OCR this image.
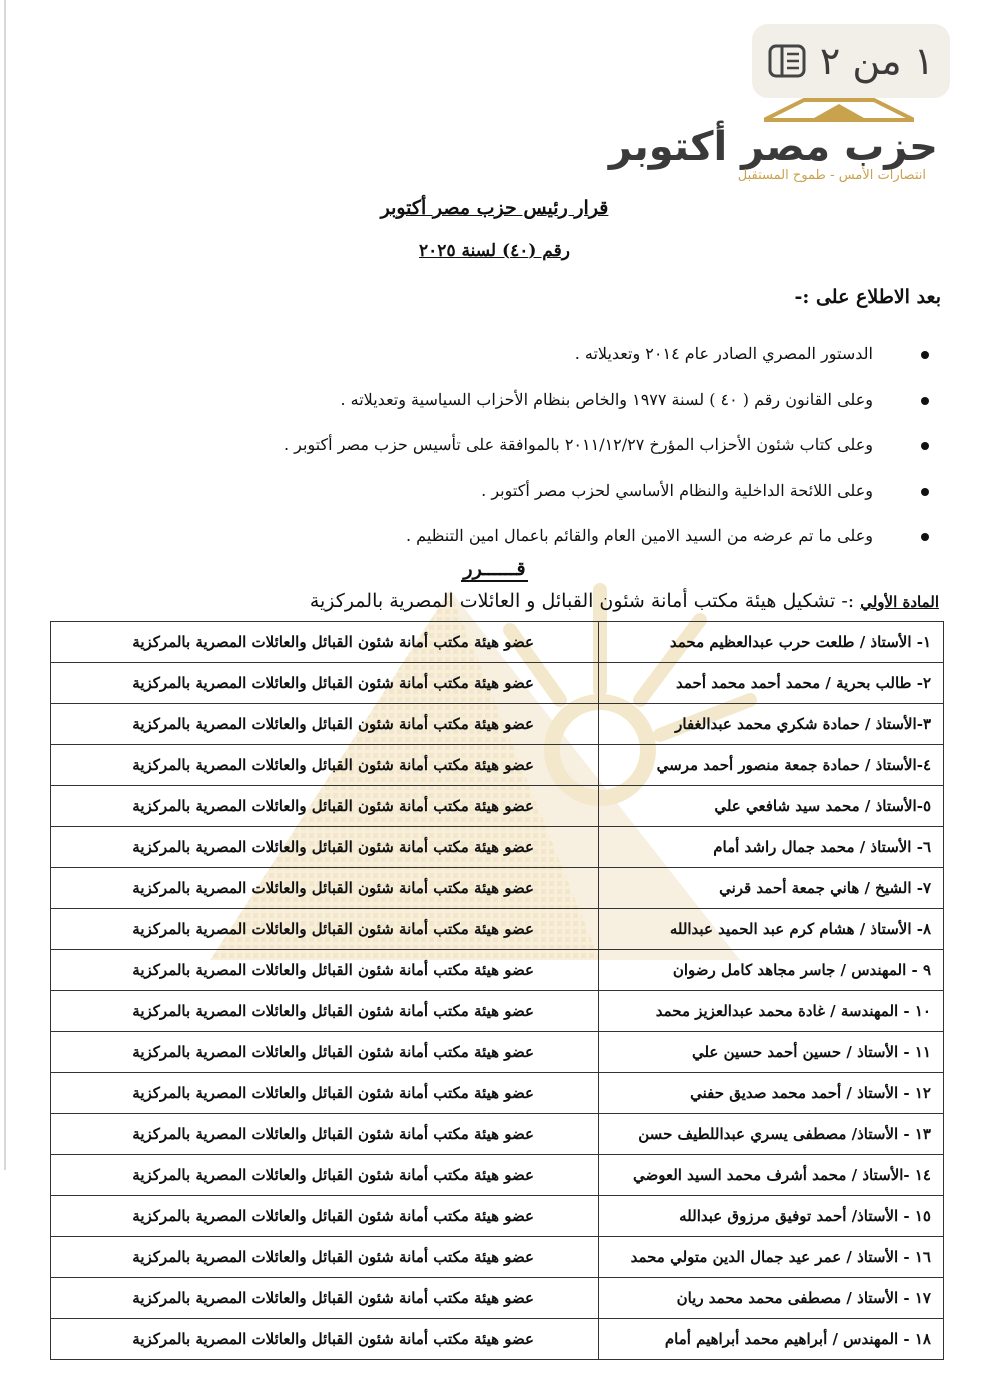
١ من ٢
حزب مصر أكتوبر
انتصارات الأمس - طموح المستقبل
قرار رئيس حزب مصر أكتوبر
رقم (٤٠) لسنة ٢٠٢٥
بعد الاطلاع على :-
الدستور المصري الصادر عام ٢٠١٤ وتعديلاته .
وعلى القانون رقم ( ٤٠ ) لسنة ١٩٧٧ والخاص بنظام الأحزاب السياسية وتعديلاته .
وعلى كتاب شئون الأحزاب المؤرخ ٢٠١١/١٢/٢٧ بالموافقة على تأسيس حزب مصر أكتوبر .
وعلى اللائحة الداخلية والنظام الأساسي لحزب مصر أكتوبر .
وعلى ما تم عرضه من السيد الامين العام والقائم باعمال امين التنظيم .
قــــــرر
المادة الأولي :- تشكيل هيئة مكتب أمانة شئون القبائل و العائلات المصرية بالمركزية
١- الأستاذ / طلعت حرب عبدالعظيم محمد	عضو هيئة مكتب أمانة شئون القبائل والعائلات المصرية بالمركزية
٢- طالب بحرية / محمد أحمد محمد أحمد	عضو هيئة مكتب أمانة شئون القبائل والعائلات المصرية بالمركزية
٣-الأستاذ / حمادة شكري محمد عبدالغفار	عضو هيئة مكتب أمانة شئون القبائل والعائلات المصرية بالمركزية
٤-الأستاذ / حمادة جمعة منصور أحمد مرسي	عضو هيئة مكتب أمانة شئون القبائل والعائلات المصرية بالمركزية
٥-الأستاذ / محمد سيد شافعي علي	عضو هيئة مكتب أمانة شئون القبائل والعائلات المصرية بالمركزية
٦- الأستاذ / محمد جمال راشد أمام	عضو هيئة مكتب أمانة شئون القبائل والعائلات المصرية بالمركزية
٧- الشيخ / هاني جمعة أحمد قرني	عضو هيئة مكتب أمانة شئون القبائل والعائلات المصرية بالمركزية
٨- الأستاذ / هشام كرم عبد الحميد عبدالله	عضو هيئة مكتب أمانة شئون القبائل والعائلات المصرية بالمركزية
٩ - المهندس / جاسر مجاهد كامل رضوان	عضو هيئة مكتب أمانة شئون القبائل والعائلات المصرية بالمركزية
١٠ - المهندسة / غادة محمد عبدالعزيز محمد	عضو هيئة مكتب أمانة شئون القبائل والعائلات المصرية بالمركزية
١١ - الأستاذ / حسين أحمد حسين علي	عضو هيئة مكتب أمانة شئون القبائل والعائلات المصرية بالمركزية
١٢ - الأستاذ / أحمد محمد صديق حفني	عضو هيئة مكتب أمانة شئون القبائل والعائلات المصرية بالمركزية
١٣ - الأستاذ/ مصطفى يسري عبداللطيف حسن	عضو هيئة مكتب أمانة شئون القبائل والعائلات المصرية بالمركزية
١٤ -الأستاذ / محمد أشرف محمد السيد العوضي	عضو هيئة مكتب أمانة شئون القبائل والعائلات المصرية بالمركزية
١٥ - الأستاذ/ أحمد توفيق مرزوق عبدالله	عضو هيئة مكتب أمانة شئون القبائل والعائلات المصرية بالمركزية
١٦ - الأستاذ / عمر عيد جمال الدين متولي محمد	عضو هيئة مكتب أمانة شئون القبائل والعائلات المصرية بالمركزية
١٧ - الأستاذ / مصطفى محمد محمد ريان	عضو هيئة مكتب أمانة شئون القبائل والعائلات المصرية بالمركزية
١٨ - المهندس / أبراهيم محمد أبراهيم أمام	عضو هيئة مكتب أمانة شئون القبائل والعائلات المصرية بالمركزية
